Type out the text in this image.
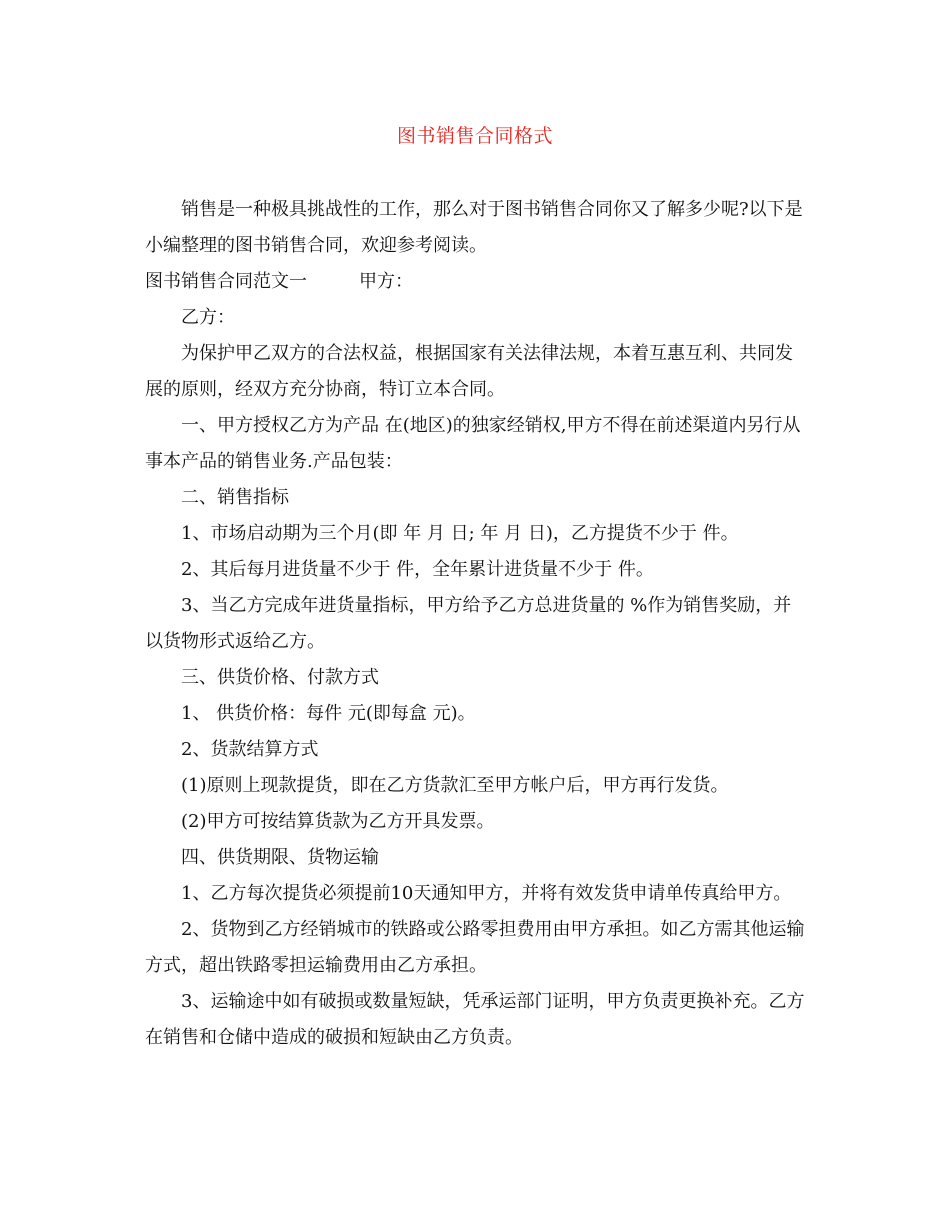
图书销售合同格式

销售是一种极具挑战性的工作，那么对于图书销售合同你又了解多少呢?以下是小编整理的图书销售合同，欢迎参考阅读。

图书销售合同范文一	甲方：

乙方：

为保护甲乙双方的合法权益，根据国家有关法律法规，本着互惠互利、共同发展的原则，经双方充分协商，特订立本合同。

一、甲方授权乙方为产品 在(地区)的独家经销权,甲方不得在前述渠道内另行从事本产品的销售业务.产品包装：

二、销售指标

1、市场启动期为三个月(即 年 月 日; 年 月 日)，乙方提货不少于 件。

2、其后每月进货量不少于 件，全年累计进货量不少于 件。

3、当乙方完成年进货量指标，甲方给予乙方总进货量的 %作为销售奖励，并以货物形式返给乙方。

三、供货价格、付款方式

1、 供货价格：每件 元(即每盒 元)。

2、货款结算方式

(1)原则上现款提货，即在乙方货款汇至甲方帐户后，甲方再行发货。

(2)甲方可按结算货款为乙方开具发票。

四、供货期限、货物运输

1、乙方每次提货必须提前10天通知甲方，并将有效发货申请单传真给甲方。

2、货物到乙方经销城市的铁路或公路零担费用由甲方承担。如乙方需其他运输方式，超出铁路零担运输费用由乙方承担。

3、运输途中如有破损或数量短缺，凭承运部门证明，甲方负责更换补充。乙方在销售和仓储中造成的破损和短缺由乙方负责。
